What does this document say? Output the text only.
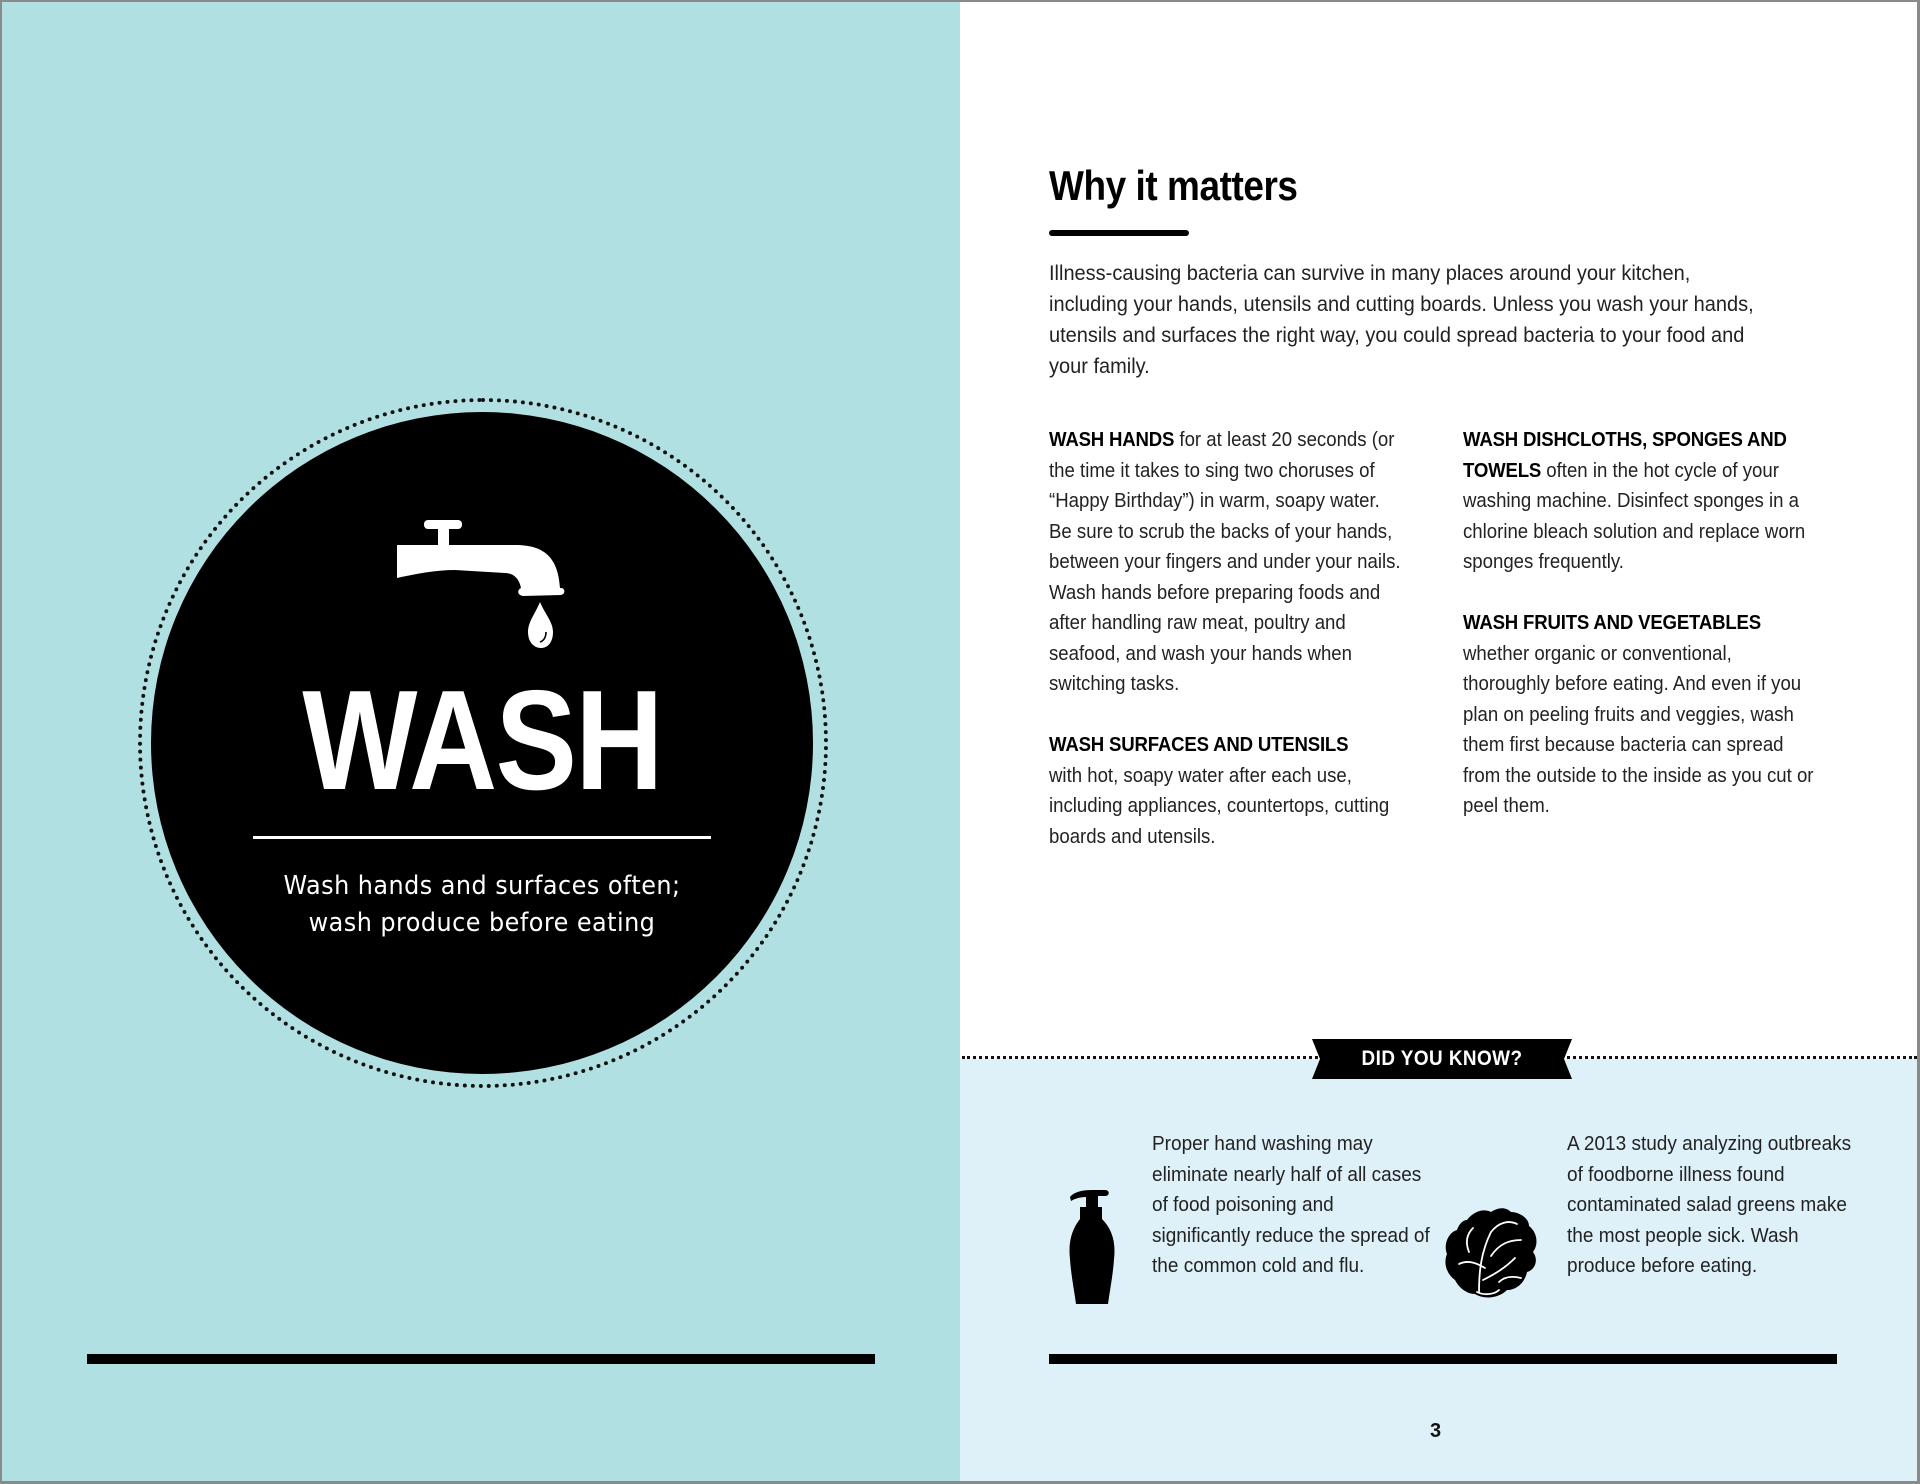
WASH
Wash hands and surfaces often;
wash produce before eating
Why it matters

Illness-causing bacteria can survive in many places around your kitchen, including your hands, utensils and cutting boards. Unless you wash your hands, utensils and surfaces the right way, you could spread bacteria to your food and your family.

WASH HANDS for at least 20 seconds (or the time it takes to sing two choruses of “Happy Birthday”) in warm, soapy water. Be sure to scrub the backs of your hands, between your fingers and under your nails. Wash hands before preparing foods and after handling raw meat, poultry and seafood, and wash your hands when switching tasks.

WASH SURFACES AND UTENSILS
with hot, soapy water after each use, including appliances, countertops, cutting boards and utensils.

WASH DISHCLOTHS, SPONGES AND TOWELS often in the hot cycle of your washing machine. Disinfect sponges in a chlorine bleach solution and replace worn sponges frequently.

WASH FRUITS AND VEGETABLES
whether organic or conventional, thoroughly before eating. And even if you plan on peeling fruits and veggies, wash them first because bacteria can spread from the outside to the inside as you cut or peel them.

DID YOU KNOW?
Proper hand washing may eliminate nearly half of all cases of food poisoning and significantly reduce the spread of the common cold and flu.
A 2013 study analyzing outbreaks of foodborne illness found contaminated salad greens make the most people sick. Wash produce before eating.
3
